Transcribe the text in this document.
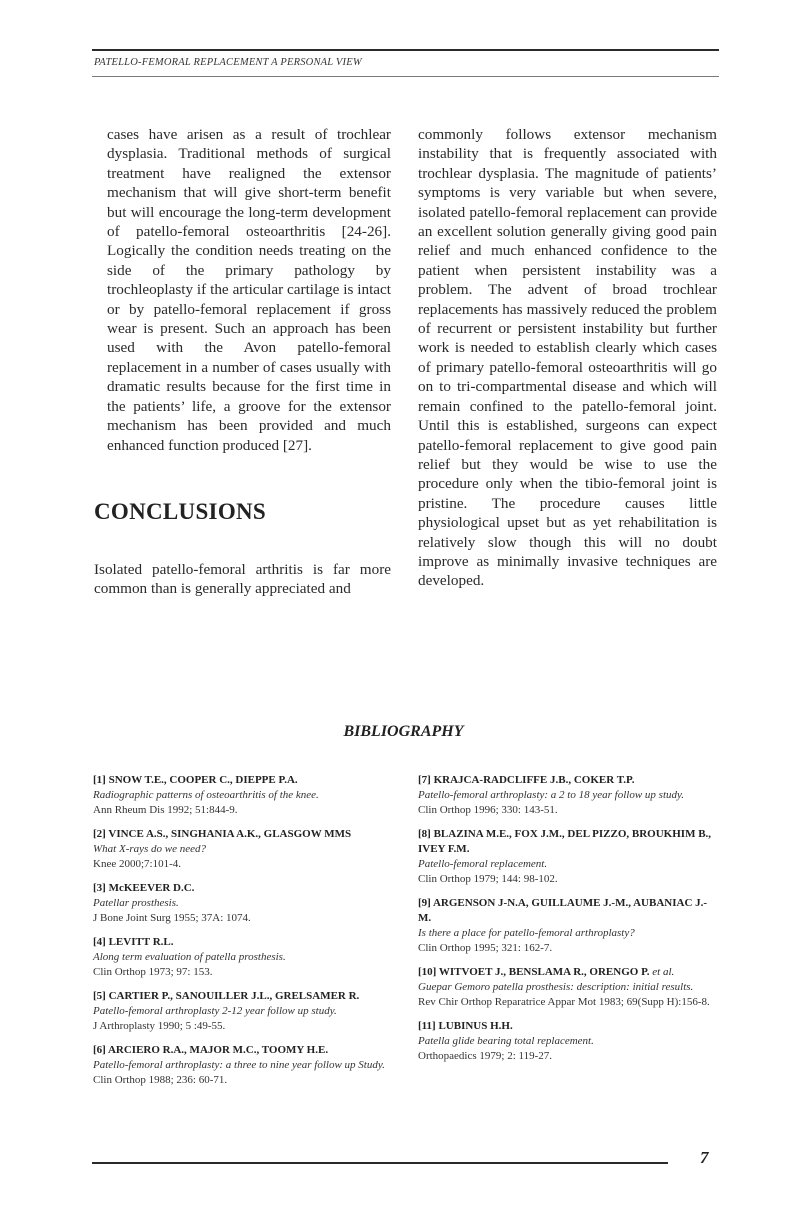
PATELLO-FEMORAL REPLACEMENT A PERSONAL VIEW
cases have arisen as a result of trochlear dysplasia. Traditional methods of surgical treatment have realigned the extensor mechanism that will give short-term benefit but will encourage the long-term development of patello-femoral osteoarthritis [24-26]. Logically the condition needs treating on the side of the primary pathology by trochleoplasty if the articular cartilage is intact or by patello-femoral replacement if gross wear is present. Such an approach has been used with the Avon patello-femoral replacement in a number of cases usually with dramatic results because for the first time in the patients’ life, a groove for the extensor mechanism has been provided and much enhanced function produced [27].
CONCLUSIONS
Isolated patello-femoral arthritis is far more common than is generally appreciated and
commonly follows extensor mechanism instability that is frequently associated with trochlear dysplasia. The magnitude of patients’ symptoms is very variable but when severe, isolated patello-femoral replacement can provide an excellent solution generally giving good pain relief and much enhanced confidence to the patient when persistent instability was a problem. The advent of broad trochlear replacements has massively reduced the problem of recurrent or persistent instability but further work is needed to establish clearly which cases of primary patello-femoral osteoarthritis will go on to tri-compartmental disease and which will remain confined to the patello-femoral joint. Until this is established, surgeons can expect patello-femoral replacement to give good pain relief but they would be wise to use the procedure only when the tibio-femoral joint is pristine. The procedure causes little physiological upset but as yet rehabilitation is relatively slow though this will no doubt improve as minimally invasive techniques are developed.
BIBLIOGRAPHY
[1] SNOW T.E., COOPER C., DIEPPE P.A.
Radiographic patterns of osteoarthritis of the knee.
Ann Rheum Dis 1992; 51:844-9.
[2] VINCE A.S., SINGHANIA A.K., GLASGOW MMS
What X-rays do we need?
Knee 2000;7:101-4.
[3] McKEEVER D.C.
Patellar prosthesis.
J Bone Joint Surg 1955; 37A: 1074.
[4] LEVITT R.L.
Along term evaluation of patella prosthesis.
Clin Orthop 1973; 97: 153.
[5] CARTIER P., SANOUILLER J.L., GRELSAMER R.
Patello-femoral arthroplasty 2-12 year follow up study.
J Arthroplasty 1990; 5 :49-55.
[6] ARCIERO R.A., MAJOR M.C., TOOMY H.E.
Patello-femoral arthroplasty: a three to nine year follow up Study.
Clin Orthop 1988; 236: 60-71.
[7] KRAJCA-RADCLIFFE J.B., COKER T.P.
Patello-femoral arthroplasty: a 2 to 18 year follow up study.
Clin Orthop 1996; 330: 143-51.
[8] BLAZINA M.E., FOX J.M., DEL PIZZO, BROUKHIM B., IVEY F.M.
Patello-femoral replacement.
Clin Orthop 1979; 144: 98-102.
[9] ARGENSON J-N.A, GUILLAUME J.-M., AUBANIAC J.-M.
Is there a place for patello-femoral arthroplasty?
Clin Orthop 1995; 321: 162-7.
[10] WITVOET J., BENSLAMA R., ORENGO P. et al.
Guepar Gemoro patella prosthesis: description: initial results.
Rev Chir Orthop Reparatrice Appar Mot 1983; 69(Supp H):156-8.
[11] LUBINUS H.H.
Patella glide bearing total replacement.
Orthopaedics 1979; 2: 119-27.
7
